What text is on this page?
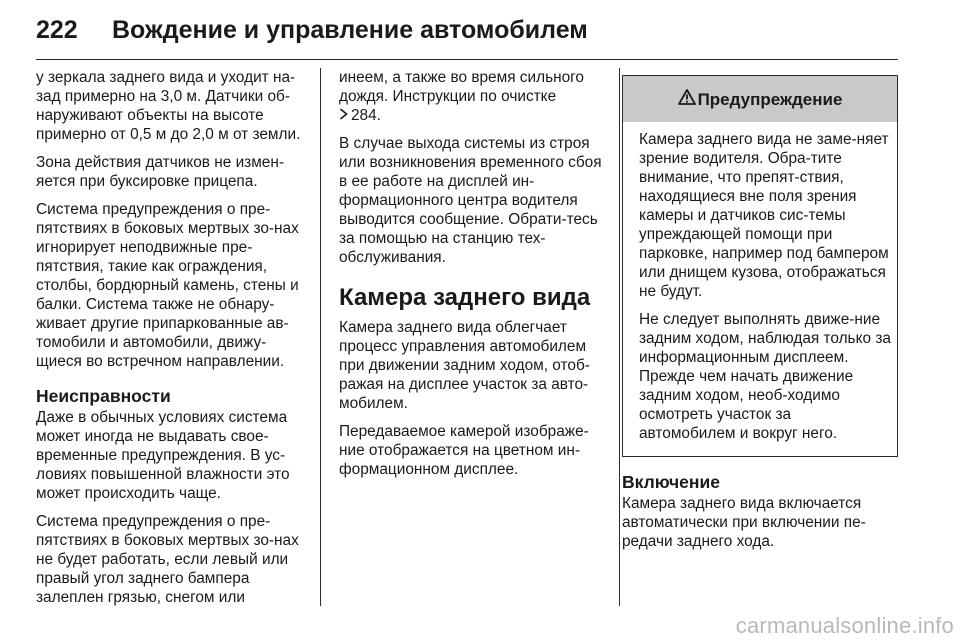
222	Вождение и управление автомобилем

у зеркала заднего вида и уходит на-зад примерно на 3,0 м. Датчики об-наруживают объекты на высоте примерно от 0,5 м до 2,0 м от земли.

Зона действия датчиков не измен-яется при буксировке прицепа.

Система предупреждения о пре-пятствиях в боковых мертвых зо-нах игнорирует неподвижные пре-пятствия, такие как ограждения, столбы, бордюрный камень, стены и балки. Система также не обнару-живает другие припаркованные ав-томобили и автомобили, движу-щиеся во встречном направлении.

Неисправности

Даже в обычных условиях система может иногда не выдавать свое-временные предупреждения. В ус-ловиях повышенной влажности это может происходить чаще.

Система предупреждения о пре-пятствиях в боковых мертвых зо-нах не будет работать, если левый или правый угол заднего бампера залеплен грязью, снегом или

инеем, а также во время сильного дождя. Инструкции по очистке
284.

В случае выхода системы из строя или возникновения временного сбоя в ее работе на дисплей ин-формационного центра водителя выводится сообщение. Обрати-тесь за помощью на станцию тех-обслуживания.

Камера заднего вида

Камера заднего вида облегчает процесс управления автомобилем при движении задним ходом, отоб-ражая на дисплее участок за авто-мобилем.

Передаваемое камерой изображе-ние отображается на цветном ин-формационном дисплее.

Предупреждение

Камера заднего вида не заме-няет зрение водителя. Обра-тите внимание, что препят-ствия, находящиеся вне поля зрения камеры и датчиков сис-темы упреждающей помощи при парковке, например под бампером или днищем кузова, отображаться не будут.

Не следует выполнять движе-ние задним ходом, наблюдая только за информационным дисплеем. Прежде чем начать движение задним ходом, необ-ходимо осмотреть участок за автомобилем и вокруг него.

Включение

Камера заднего вида включается автоматически при включении пе-редачи заднего хода.

carmanualsonline.info
